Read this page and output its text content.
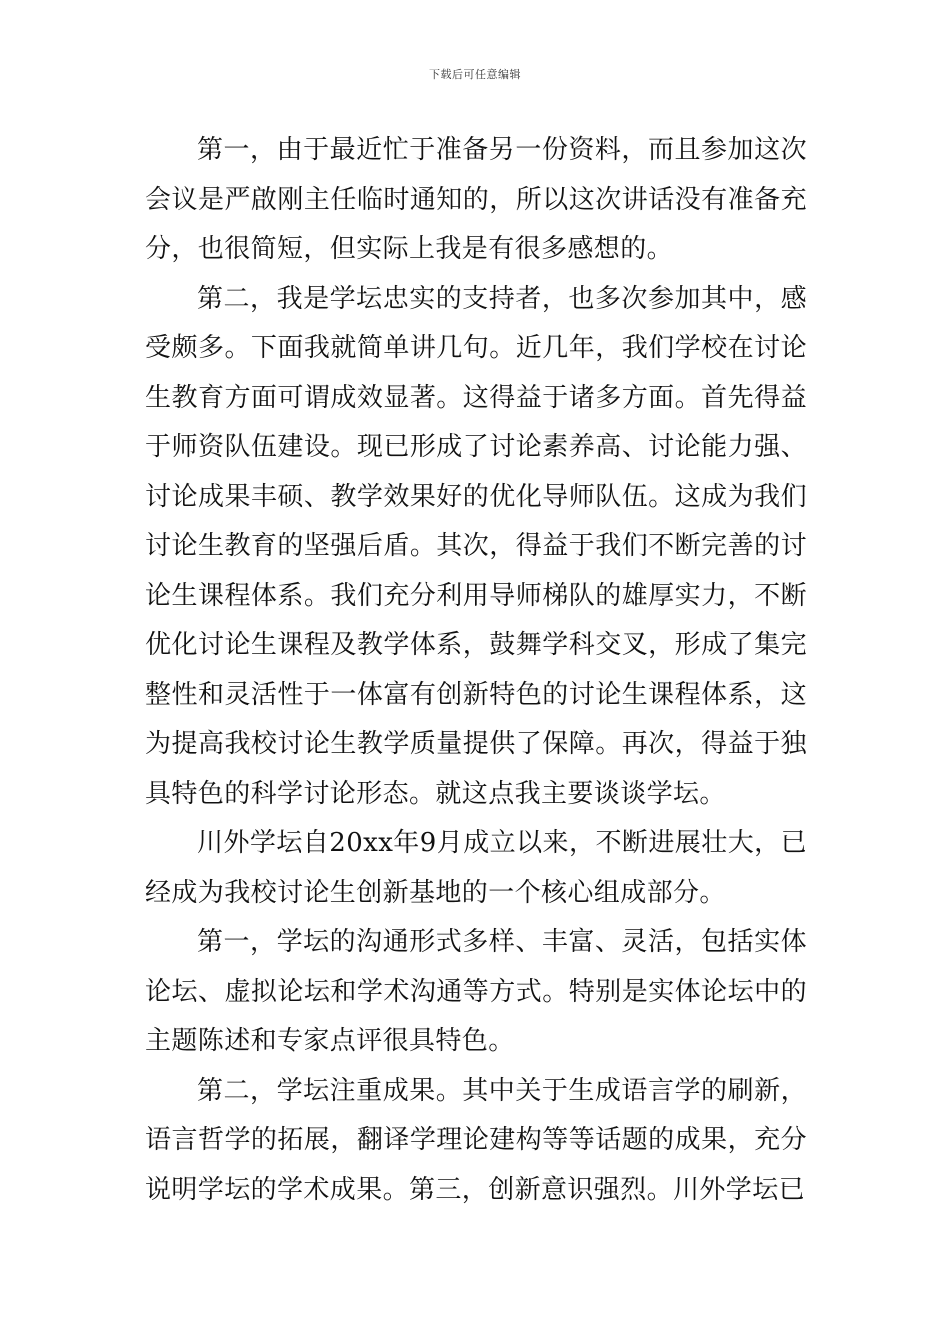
下载后可任意编辑

第一，由于最近忙于准备另一份资料，而且参加这次会议是严啟刚主任临时通知的，所以这次讲话没有准备充分，也很简短，但实际上我是有很多感想的。

第二，我是学坛忠实的支持者，也多次参加其中，感受颇多。下面我就简单讲几句。近几年，我们学校在讨论生教育方面可谓成效显著。这得益于诸多方面。首先得益于师资队伍建设。现已形成了讨论素养高、讨论能力强、讨论成果丰硕、教学效果好的优化导师队伍。这成为我们讨论生教育的坚强后盾。其次，得益于我们不断完善的讨论生课程体系。我们充分利用导师梯队的雄厚实力，不断优化讨论生课程及教学体系，鼓舞学科交叉，形成了集完整性和灵活性于一体富有创新特色的讨论生课程体系，这为提高我校讨论生教学质量提供了保障。再次，得益于独具特色的科学讨论形态。就这点我主要谈谈学坛。

川外学坛自20xx年9月成立以来，不断进展壮大，已经成为我校讨论生创新基地的一个核心组成部分。

第一，学坛的沟通形式多样、丰富、灵活，包括实体论坛、虚拟论坛和学术沟通等方式。特别是实体论坛中的主题陈述和专家点评很具特色。

第二，学坛注重成果。其中关于生成语言学的刷新，语言哲学的拓展，翻译学理论建构等等话题的成果，充分说明学坛的学术成果。第三，创新意识强烈。川外学坛已
